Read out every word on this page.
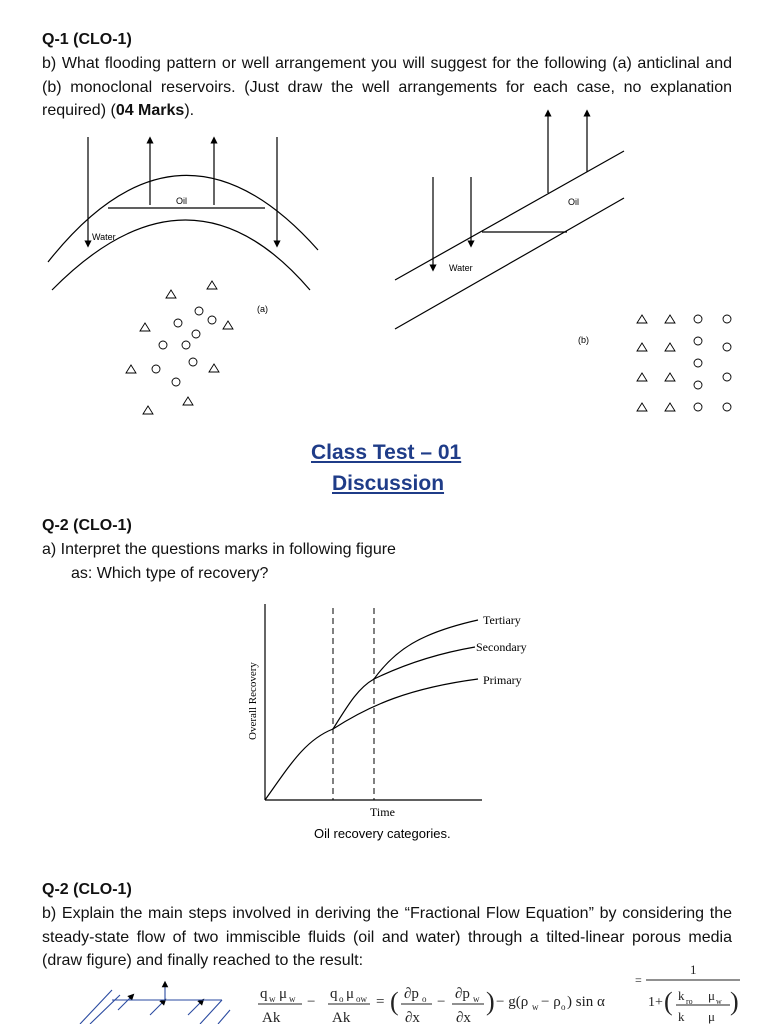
Q-1 (CLO-1)
b) What flooding pattern or well arrangement you will suggest for the following (a) anticlinal and (b) monoclonal reservoirs. (Just draw the well arrangements for each case, no explanation required) (04 Marks).
Oil
Water
(a)
Oil
Water
(b)
Tertiary
Secondary
Primary
Time
Overall Recovery
Oil recovery categories.
q w μ w
Ak
− q o μ ow
Ak
= ( ∂p o
∂x
− ∂p w
∂x
) − g(ρ w − ρ o ) sin α
=
1
1+ ( k ro μ w
k μ
)
Class Test – 01
Discussion
Q-2 (CLO-1)
a) Interpret the questions marks in following figure
as: Which type of recovery?
Q-2 (CLO-1)
b) Explain the main steps involved in deriving the “Fractional Flow Equation” by considering the steady-state flow of two immiscible fluids (oil and water) through a tilted-linear porous media (draw figure) and finally reached to the result:
